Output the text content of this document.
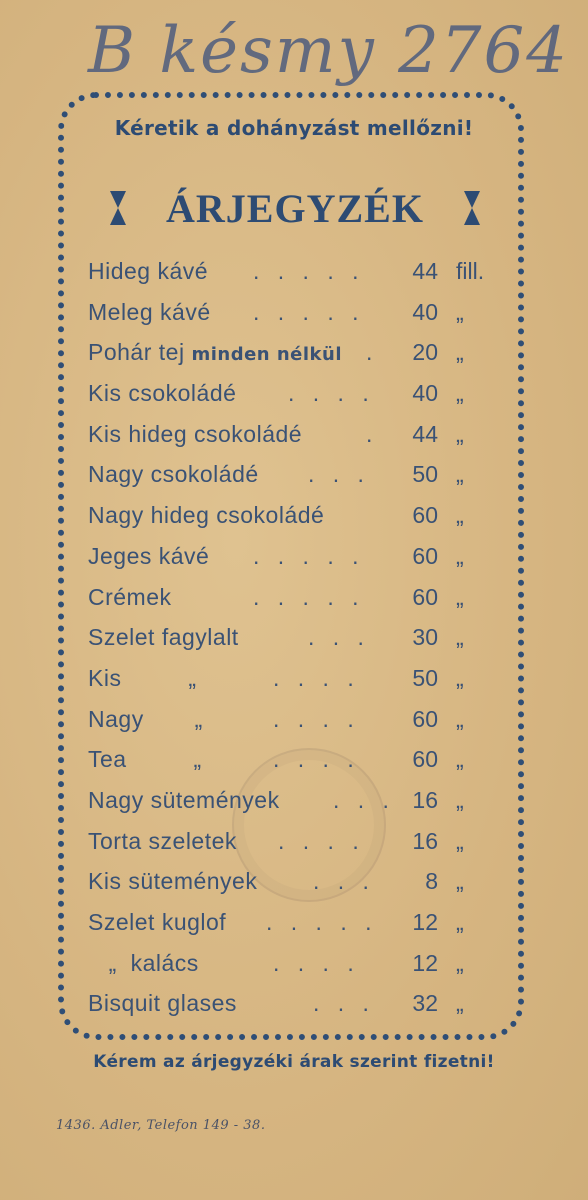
B késmy 2764
Kéretik a dohányzást mellőzni!
ÁRJEGYZÉK
Hideg kávé . . . . .	44 fill.
Meleg kávé . . . . .	40 „
Pohár tej minden nélkül .	20 „
Kis csokoládé . . . .	40 „
Kis hideg csokoládé	.	44 „
Nagy csokoládé . . .	50 „
Nagy hideg csokoládé	60 „
Jeges kávé . . . . .	60 „
Crémek	. . . . .	60 „
Szelet fagylalt	. . .	30 „
Kis „	. . . .	50 „
Nagy „	. . . .	60 „
Tea „	. . . .	60 „
Nagy sütemények . . . 16 „
Torta szeletek . . . .	16 „
Kis sütemények . . .	8 „
Szelet kuglof . . . . .	12 „
„  kalács	. . . .	12 „
Bisquit glases	. . .	32 „
Kérem az árjegyzéki árak szerint fizetni!
1436. Adler, Telefon 149 - 38.
